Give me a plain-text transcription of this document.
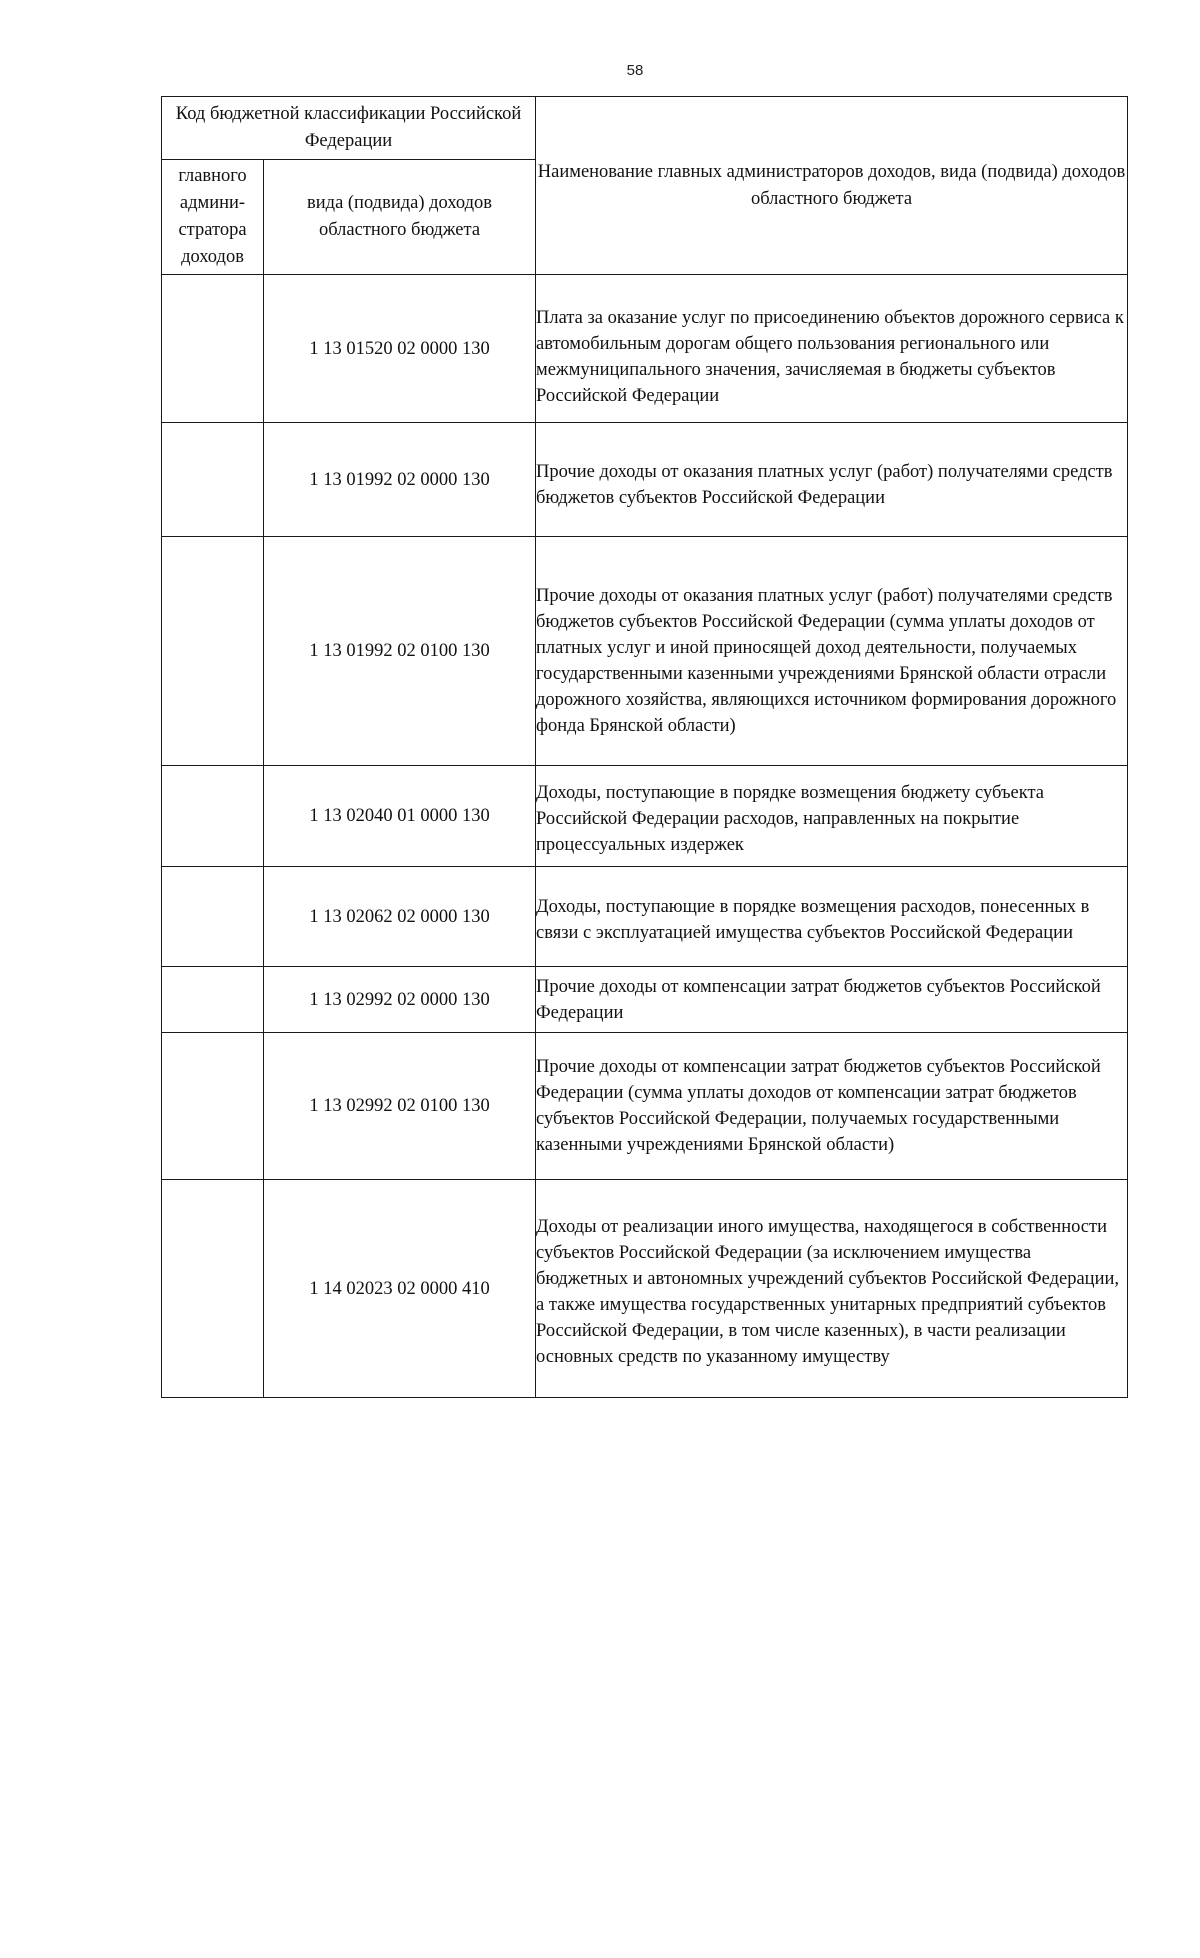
58
Код бюджетной классификации Российской Федерации		Наименование главных администраторов доходов, вида (подвида) доходов областного бюджета
главного админи-стратора доходов	вида (подвида) доходов областного бюджета	
	1 13 01520 02 0000 130	Плата за оказание услуг по присоединению объектов дорожного сервиса к автомобильным дорогам общего пользования регионального или межмуниципального значения, зачисляемая в бюджеты субъектов Российской Федерации

	1 13 01992 02 0000 130	Прочие доходы от оказания платных услуг (работ) получателями средств бюджетов субъектов Российской Федерации

	1 13 01992 02 0100 130	Прочие доходы от оказания платных услуг (работ) получателями средств бюджетов субъектов Российской Федерации (сумма уплаты доходов от платных услуг и иной приносящей доход деятельности, получаемых государственными казенными учреждениями Брянской области отрасли дорожного хозяйства, являющихся источником формирования дорожного фонда Брянской области)

	1 13 02040 01 0000 130	Доходы, поступающие в порядке возмещения бюджету субъекта Российской Федерации расходов, направленных на покрытие процессуальных издержек

	1 13 02062 02 0000 130	Доходы, поступающие в порядке возмещения расходов, понесенных в связи с эксплуатацией имущества субъектов Российской Федерации

	1 13 02992 02 0000 130	Прочие доходы от компенсации затрат бюджетов субъектов Российской Федерации

	1 13 02992 02 0100 130	Прочие доходы от компенсации затрат бюджетов субъектов Российской Федерации (сумма уплаты доходов от компенсации затрат бюджетов субъектов Российской Федерации, получаемых государственными казенными учреждениями Брянской области)

	1 14 02023 02 0000 410	Доходы от реализации иного имущества, находящегося в собственности субъектов Российской Федерации (за исключением имущества бюджетных и автономных учреждений субъектов Российской Федерации, а также имущества государственных унитарных предприятий субъектов Российской Федерации, в том числе казенных), в части реализации основных средств по указанному имуществу
